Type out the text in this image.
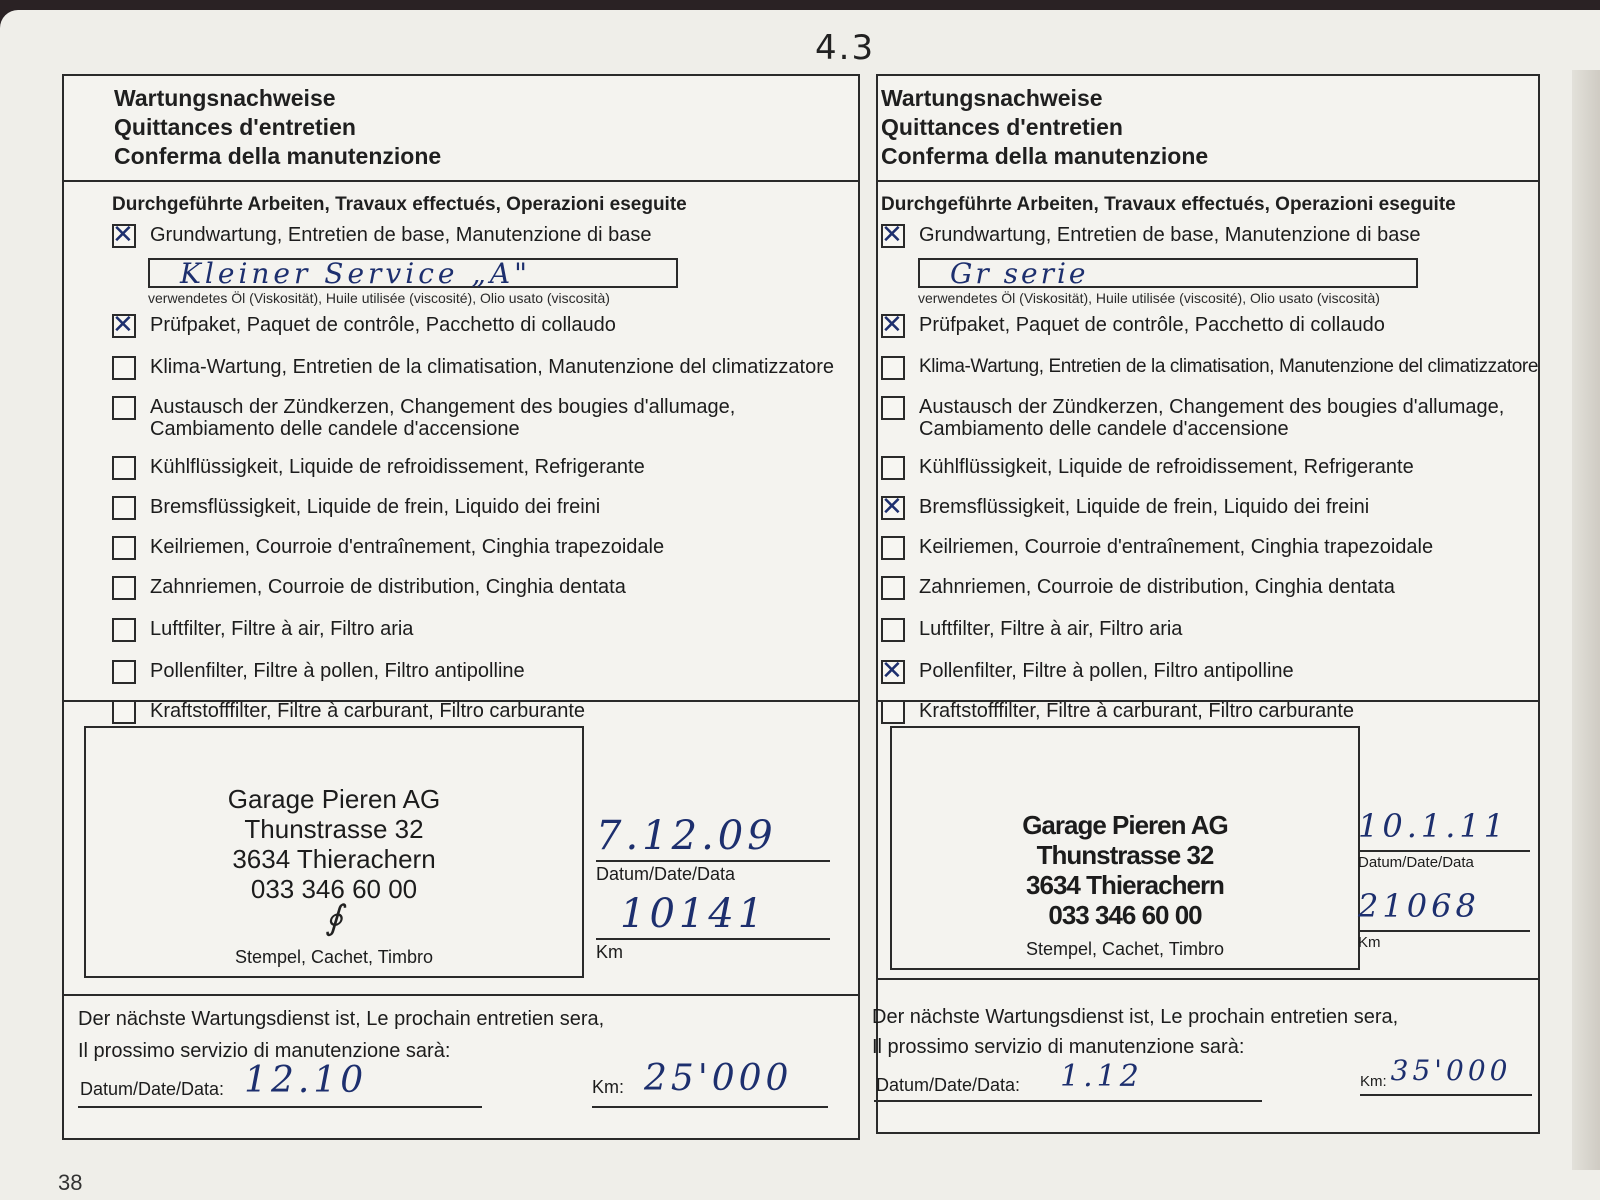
4.3
Wartungsnachweise
Quittances d'entretien
Conferma della manutenzione
Durchgeführte Arbeiten, Travaux effectués, Operazioni eseguite
✕
Grundwartung, Entretien de base, Manutenzione di base
Kleiner Service „A"
verwendetes Öl (Viskosität), Huile utilisée (viscosité), Olio usato (viscosità)
✕
Prüfpaket, Paquet de contrôle, Pacchetto di collaudo
Klima-Wartung, Entretien de la climatisation, Manutenzione del climatizzatore
Austausch der Zündkerzen, Changement des bougies d'allumage,
Cambiamento delle candele d'accensione
Kühlflüssigkeit, Liquide de refroidissement, Refrigerante
Bremsflüssigkeit, Liquide de frein, Liquido dei freini
Keilriemen, Courroie d'entraînement, Cinghia trapezoidale
Zahnriemen, Courroie de distribution, Cinghia dentata
Luftfilter, Filtre à air, Filtro aria
Pollenfilter, Filtre à pollen, Filtro antipolline
Kraftstofffilter, Filtre à carburant, Filtro carburante
Garage Pieren AG
Thunstrasse 32
3634 Thierachern
033 346 60 00
∮
Stempel, Cachet, Timbro
7.12.09
Datum/Date/Data
10141
Km
Der nächste Wartungsdienst ist, Le prochain entretien sera,
Il prossimo servizio di manutenzione sarà:
Datum/Date/Data: 12.10	Km: 25'000
Wartungsnachweise
Quittances d'entretien
Conferma della manutenzione
Durchgeführte Arbeiten, Travaux effectués, Operazioni eseguite
✕
Grundwartung, Entretien de base, Manutenzione di base
Gr serie
verwendetes Öl (Viskosität), Huile utilisée (viscosité), Olio usato (viscosità)
✕
Prüfpaket, Paquet de contrôle, Pacchetto di collaudo
Klima-Wartung, Entretien de la climatisation, Manutenzione del climatizzatore
Austausch der Zündkerzen, Changement des bougies d'allumage,
Cambiamento delle candele d'accensione
Kühlflüssigkeit, Liquide de refroidissement, Refrigerante
✕
Bremsflüssigkeit, Liquide de frein, Liquido dei freini
Keilriemen, Courroie d'entraînement, Cinghia trapezoidale
Zahnriemen, Courroie de distribution, Cinghia dentata
Luftfilter, Filtre à air, Filtro aria
✕
Pollenfilter, Filtre à pollen, Filtro antipolline
Kraftstofffilter, Filtre à carburant, Filtro carburante
Garage Pieren AG
Thunstrasse 32
3634 Thierachern
033 346 60 00
Stempel, Cachet, Timbro
10.1.11
Datum/Date/Data
21068
Km
Der nächste Wartungsdienst ist, Le prochain entretien sera,
Il prossimo servizio di manutenzione sarà:
Datum/Date/Data: 1.12	Km: 35'000
38
